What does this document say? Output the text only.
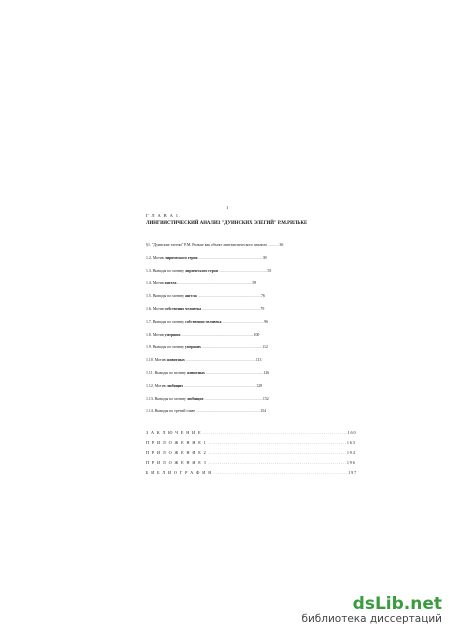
1
Г Л А В А 1.
ЛИНГВИСТИЧЕСКИЙ АНАЛИЗ "ДУИНСКИХ ЭЛЕГИЙ" Р.М.РИЛЬКЕ
§1. "Дуинские элегии" Р.М. Рильке как объект лингвистического анализа ............36
1.2. Мотив лирического героя ..................................................................39
1.3. Выводы по мотиву лирического героя ..................................................55
1.4. Мотив ангела .............................................................................59
1.5. Выводы по мотиву ангела .................................................................76
1.6. Мотив собственно человека ............................................................79
1.7. Выводы по мотиву собственно человека ...........................................96
1.8. Мотив умерших ..........................................................................100
1.9. Выводы по мотиву умерших ..............................................................112
1.10. Мотив животных ........................................................................113
1.11. Выводы по мотиву животных ...........................................................126
1.12. Мотив любящих ..........................................................................128
1.13. Выводы по мотиву любящих ............................................................152
1.14. Выводы по третий главе ..................................................................154
З А К Л Ю Ч Е Н И Е ..........................................................................160
П Р И Л О Ж Е Н И Е 1 .......................................................................163
П Р И Л О Ж Е Н И Е 2 .......................................................................194
П Р И Л О Ж Е Н И Е 3 .......................................................................196
Б И Б Л И О Г Р А Ф И Я .....................................................................197
dsLib.net
библиотека диссертаций
